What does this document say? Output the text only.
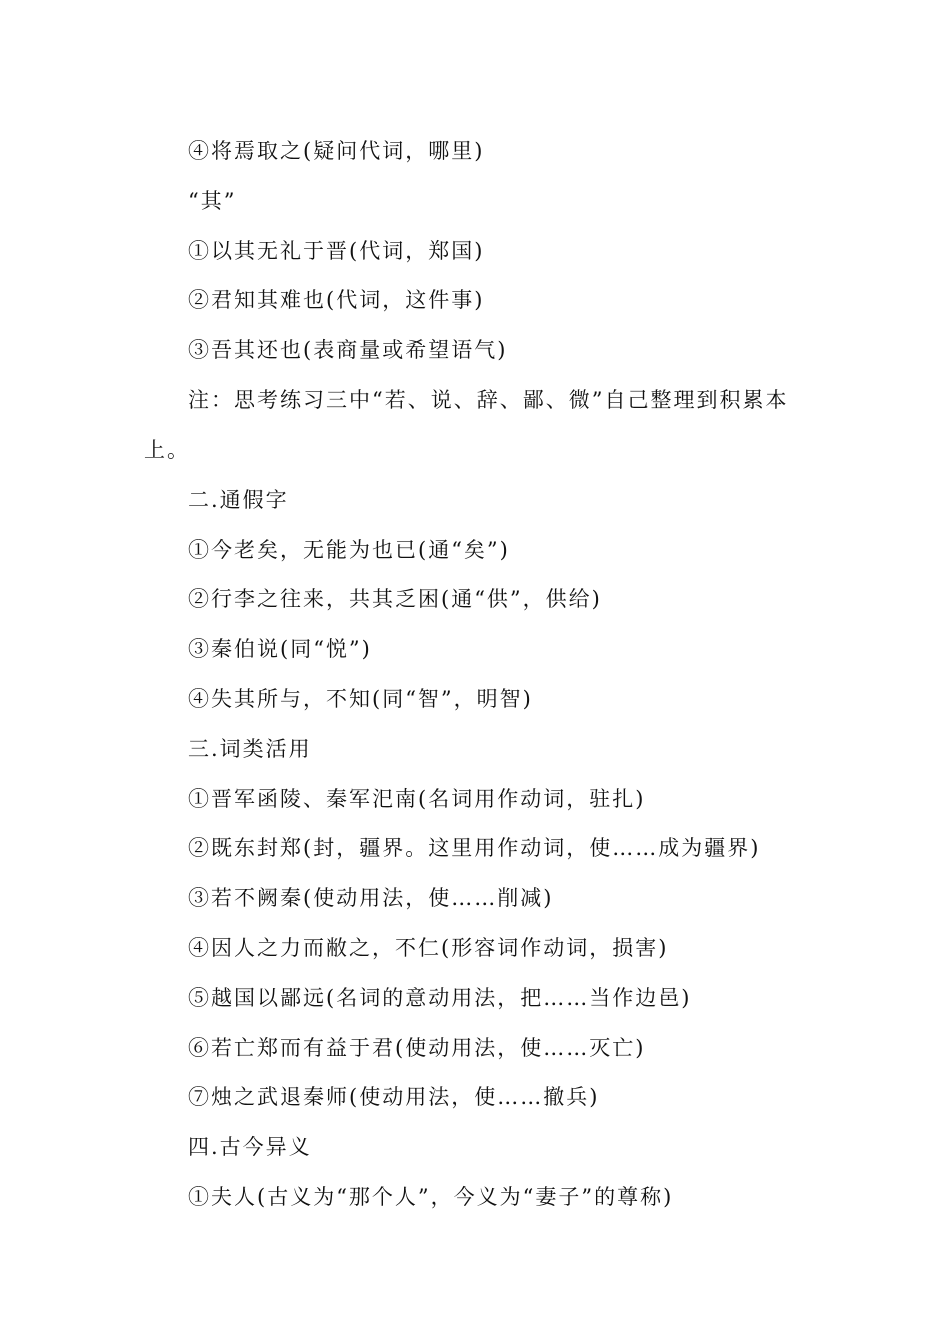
④将焉取之(疑问代词，哪里)
“其”
①以其无礼于晋(代词，郑国)
②君知其难也(代词，这件事)
③吾其还也(表商量或希望语气)
注：思考练习三中“若、说、辞、鄙、微”自己整理到积累本
上。
二.通假字
①今老矣，无能为也已(通“矣”)
②行李之往来，共其乏困(通“供”，供给)
③秦伯说(同“悦”)
④失其所与，不知(同“智”，明智)
三.词类活用
①晋军函陵、秦军汜南(名词用作动词，驻扎)
②既东封郑(封，疆界。这里用作动词，使……成为疆界)
③若不阙秦(使动用法，使……削减)
④因人之力而敝之，不仁(形容词作动词，损害)
⑤越国以鄙远(名词的意动用法，把……当作边邑)
⑥若亡郑而有益于君(使动用法，使……灭亡)
⑦烛之武退秦师(使动用法，使……撤兵)
四.古今异义
①夫人(古义为“那个人”，今义为“妻子”的尊称)
